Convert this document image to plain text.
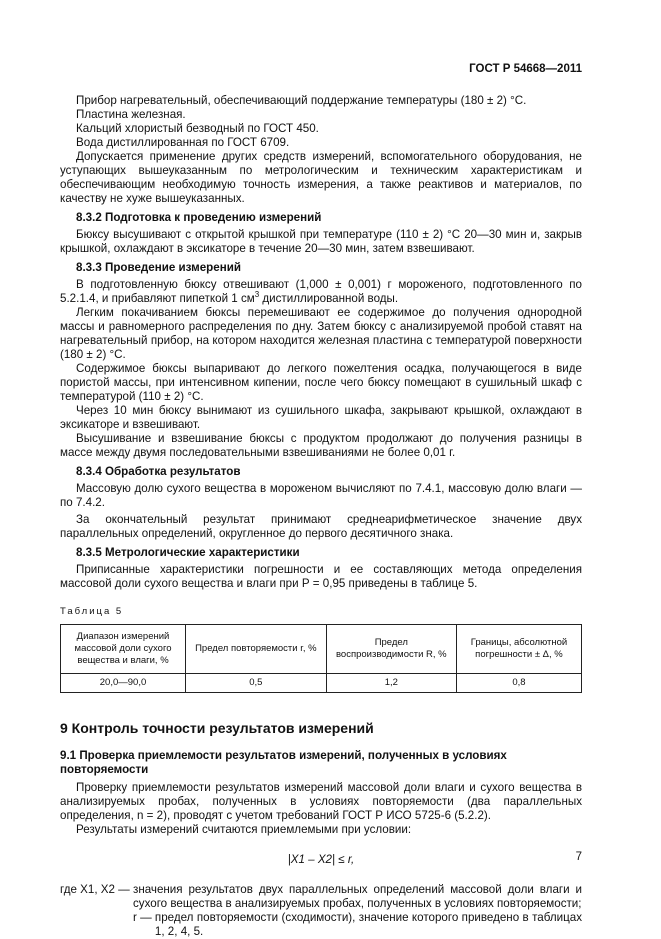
ГОСТ Р 54668—2011

Прибор нагревательный, обеспечивающий поддержание температуры (180 ± 2) °С.

Пластина железная.

Кальций хлористый безводный по ГОСТ 450.

Вода дистиллированная по ГОСТ 6709.

Допускается применение других средств измерений, вспомогательного оборудования, не уступающих вышеуказанным по метрологическим и техническим характеристикам и обеспечивающим необходимую точность измерения, а также реактивов и материалов, по качеству не хуже вышеуказанных.

8.3.2 Подготовка к проведению измерений

Бюксу высушивают с открытой крышкой при температуре (110 ± 2) °С 20—30 мин и, закрыв крышкой, охлаждают в эксикаторе в течение 20—30 мин, затем взвешивают.

8.3.3 Проведение измерений

В подготовленную бюксу отвешивают (1,000 ± 0,001) г мороженого, подготовленного по 5.2.1.4, и прибавляют пипеткой 1 $см^3$ дистиллированной воды.

Легким покачиванием бюксы перемешивают ее содержимое до получения однородной массы и равномерного распределения по дну. Затем бюксу с анализируемой пробой ставят на нагревательный прибор, на котором находится железная пластина с температурой поверхности (180 ± 2) °С.

Содержимое бюксы выпаривают до легкого пожелтения осадка, получающегося в виде пористой массы, при интенсивном кипении, после чего бюксу помещают в сушильный шкаф с температурой (110 ± 2) °С.

Через 10 мин бюксу вынимают из сушильного шкафа, закрывают крышкой, охлаждают в эксикаторе и взвешивают.

Высушивание и взвешивание бюксы с продуктом продолжают до получения разницы в массе между двумя последовательными взвешиваниями не более 0,01 г.

8.3.4 Обработка результатов

Массовую долю сухого вещества в мороженом вычисляют по 7.4.1, массовую долю влаги — по 7.4.2.

За окончательный результат принимают среднеарифметическое значение двух параллельных определений, округленное до первого десятичного знака.

8.3.5 Метрологические характеристики

Приписанные характеристики погрешности и ее составляющих метода определения массовой доли сухого вещества и влаги при Р = 0,95 приведены в таблице 5.

Таблица 5
Диапазон измерений массовой доли сухого вещества и влаги, %	Предел повторяемости r, %	Предел воспроизводимости R, %	Границы, абсолютной погрешности ± Δ, %
20,0—90,0	0,5	1,2	0,8
9 Контроль точности результатов измерений
9.1 Проверка приемлемости результатов измерений, полученных в условиях повторяемости

Проверку приемлемости результатов измерений массовой доли влаги и сухого вещества в анализируемых пробах, полученных в условиях повторяемости (два параллельных определения, n = 2), проводят с учетом требований ГОСТ Р ИСО 5725-6 (5.2.2).

Результаты измерений считаются приемлемыми при условии:

|X1 – X2| ≤ r,
где X1, X2 —
значения результатов двух параллельных определений массовой доли влаги и сухого вещества в анализируемых пробах, полученных в условиях повторяемости;
r —
предел повторяемости (сходимости), значение которого приведено в таблицах 1, 2, 4, 5.
7
